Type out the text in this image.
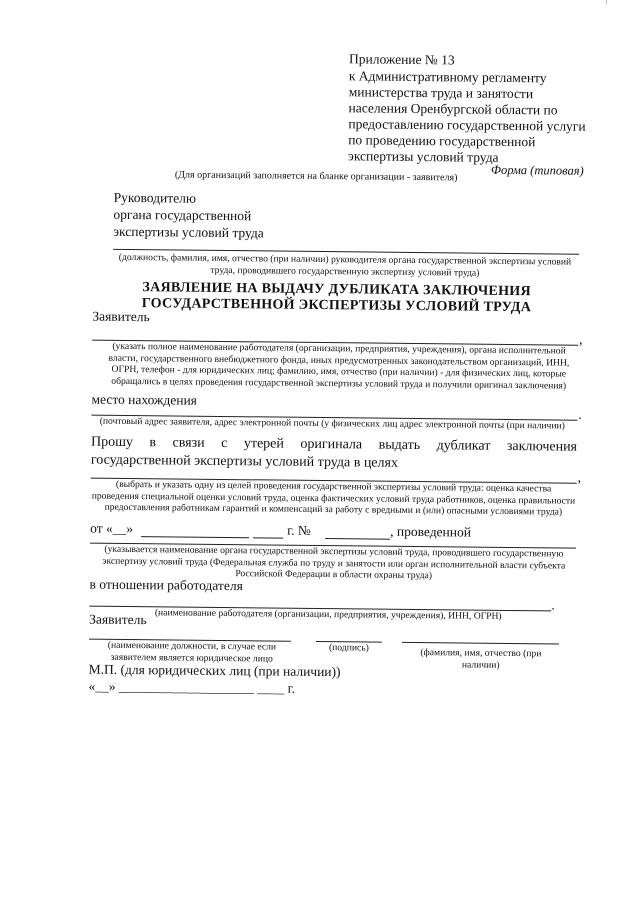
Приложение № 13
к Административному регламенту
министерства труда и занятости
населения Оренбургской области по
предоставлению государственной услуги
по проведению государственной
экспертизы условий труда
Форма (типовая)
(Для организаций заполняется на бланке организации - заявителя)
Руководителю
органа государственной
экспертизы условий труда
(должность, фамилия, имя, отчество (при наличии) руководителя органа государственной экспертизы условий труда, проводившего государственную экспертизу условий труда)
ЗАЯВЛЕНИЕ НА ВЫДАЧУ ДУБЛИКАТА ЗАКЛЮЧЕНИЯ
ГОСУДАРСТВЕННОЙ ЭКСПЕРТИЗЫ УСЛОВИЙ ТРУДА
Заявитель
,
(указать полное наименование работодателя (организации, предприятия, учреждения), органа исполнительной власти, государственного внебюджетного фонда, иных предусмотренных законодательством организаций, ИНН, ОГРН, телефон - для юридических лиц; фамилию, имя, отчество (при наличии) - для физических лиц, которые обращались в целях проведения государственной экспертизы условий труда и получили оригинал заключения)
место нахождения
.
(почтовый адрес заявителя, адрес электронной почты (у физических лиц адрес электронной почты (при наличии)
Прошу в связи с утерей оригинала выдать дубликат заключения
государственной экспертизы условий труда в целях
,
(выбрать и указать одну из целей проведения государственной экспертизы условий труда: оценка качества проведения специальной оценки условий труда, оценка фактических условий труда работников, оценка правильности предоставления работникам гарантий и компенсаций за работу с вредными и (или) опасными условиями труда)
от «__»	г. №	, проведенной
(указывается наименование органа государственной экспертизы условий труда, проводившего государственную экспертизу условий труда (Федеральная служба по труду и занятости или орган исполнительной власти субъекта Российской Федерации в области охраны труда)
в отношении работодателя
.
(наименование работодателя (организации, предприятия, учреждения), ИНН, ОГРН)
Заявитель
(наименование должности, в случае если заявителем является юридическое лицо
(подпись)	(фамилия, имя, отчество (при наличии)
М.П. (для юридических лиц (при наличии))
«__» ____________________ ____ г.
